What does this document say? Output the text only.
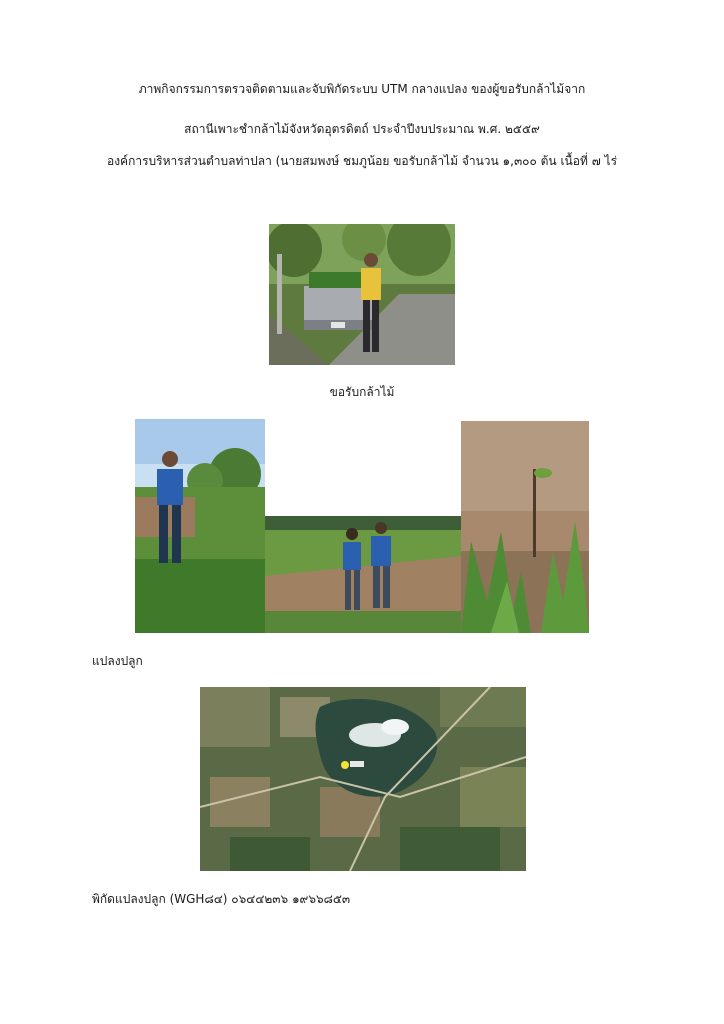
ภาพกิจกรรมการตรวจติดตามและจับพิกัดระบบ UTM กลางแปลง ของผู้ขอรับกล้าไม้จาก
สถานีเพาะชำกล้าไม้จังหวัดอุตรดิตถ์ ประจำปีงบประมาณ พ.ศ. ๒๕๕๙
องค์การบริหารส่วนตำบลท่าปลา (นายสมพงษ์ ชมภูน้อย ขอรับกล้าไม้ จำนวน ๑,๓๐๐ ต้น เนื้อที่ ๗ ไร่
ขอรับกล้าไม้
แปลงปลูก
พิกัดแปลงปลูก (WGH๘๔) ๐๖๔๔๒๓๖ ๑๙๖๖๘๕๓
